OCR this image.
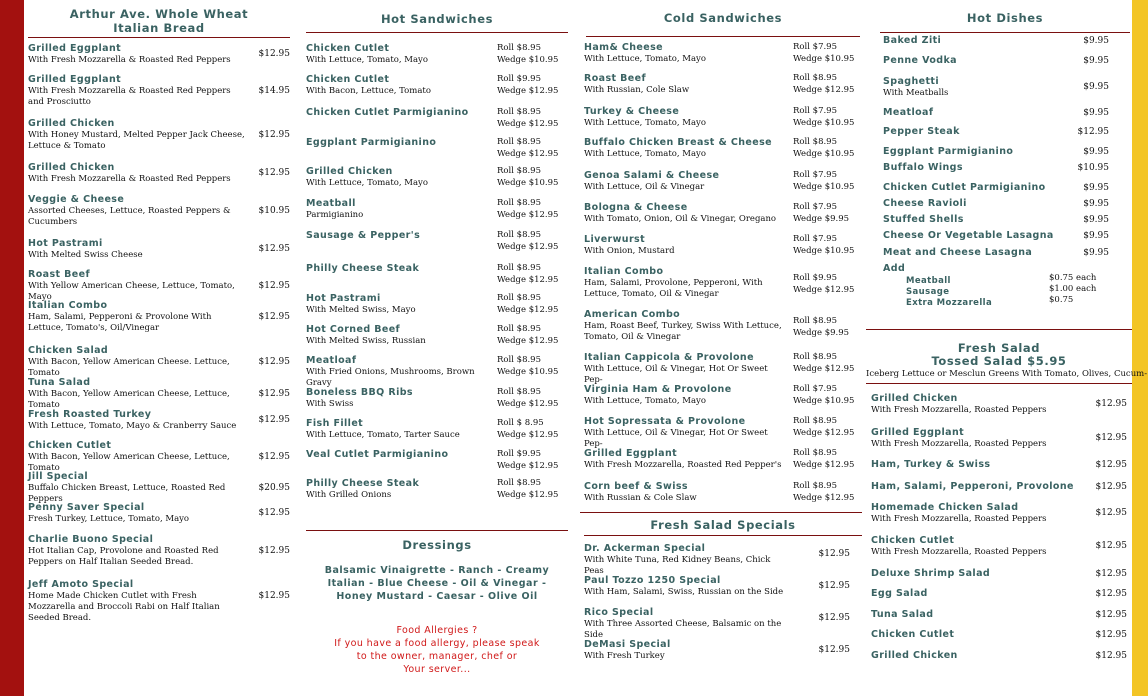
Arthur Ave. Whole Wheat
Italian Bread
Grilled Eggplant
With Fresh Mozzarella & Roasted Red Peppers
$12.95
Grilled Eggplant
With Fresh Mozzarella & Roasted Red Peppers and Prosciutto
$14.95
Grilled Chicken
With Honey Mustard, Melted Pepper Jack Cheese, Lettuce & Tomato
$12.95
Grilled Chicken
With Fresh Mozzarella & Roasted Red Peppers
$12.95
Veggie & Cheese
Assorted Cheeses, Lettuce, Roasted Peppers & Cucumbers
$10.95
Hot Pastrami
With Melted Swiss Cheese
$12.95
Roast Beef
With Yellow American Cheese, Lettuce, Tomato, Mayo
$12.95
Italian Combo
Ham, Salami, Pepperoni & Provolone With Lettuce, Tomato's, Oil/Vinegar
$12.95
Chicken Salad
With Bacon, Yellow American Cheese. Lettuce, Tomato
$12.95
Tuna Salad
With Bacon, Yellow American Cheese, Lettuce, Tomato
$12.95
Fresh Roasted Turkey
With Lettuce, Tomato, Mayo & Cranberry Sauce
$12.95
Chicken Cutlet
With Bacon, Yellow American Cheese, Lettuce, Tomato
$12.95
Jill Special
Buffalo Chicken Breast, Lettuce, Roasted Red Peppers
$20.95
Penny Saver Special
Fresh Turkey, Lettuce, Tomato, Mayo
$12.95
Charlie Buono Special
Hot Italian Cap, Provolone and Roasted Red Peppers on Half Italian Seeded Bread.
$12.95
Jeff Amoto Special
Home Made Chicken Cutlet with Fresh Mozzarella and Broccoli Rabi on Half Italian Seeded Bread.
$12.95
Hot Sandwiches
Chicken Cutlet
With Lettuce, Tomato, Mayo
Roll $8.95
Wedge $10.95
Chicken Cutlet
With Bacon, Lettuce, Tomato
Roll $9.95
Wedge $12.95
Chicken Cutlet Parmigianino	Roll $8.95
Wedge $12.95
Eggplant Parmigianino	Roll $8.95
Wedge $12.95
Grilled Chicken
With Lettuce, Tomato, Mayo
Roll $8.95
Wedge $10.95
Meatball
Parmigianino
Roll $8.95
Wedge $12.95
Sausage & Pepper's	Roll $8.95
Wedge $12.95
Philly Cheese Steak	Roll $8.95
Wedge $12.95
Hot Pastrami
With Melted Swiss, Mayo
Roll $8.95
Wedge $12.95
Hot Corned Beef
With Melted Swiss, Russian
Roll $8.95
Wedge $12.95
Meatloaf
With Fried Onions, Mushrooms, Brown Gravy
Roll $8.95
Wedge $10.95
Boneless BBQ Ribs
With Swiss
Roll $8.95
Wedge $12.95
Fish Fillet
With Lettuce, Tomato, Tarter Sauce
Roll $ 8.95
Wedge $12.95
Veal Cutlet Parmigianino	Roll $9.95
Wedge $12.95
Philly Cheese Steak
With Grilled Onions
Roll $8.95
Wedge $12.95
Dressings
Balsamic Vinaigrette - Ranch - Creamy
Italian - Blue Cheese - Oil & Vinegar -
Honey Mustard - Caesar - Olive Oil
Food Allergies ?
If you have a food allergy, please speak
to the owner, manager, chef or
Your server...
Cold Sandwiches
Ham& Cheese
With Lettuce, Tomato, Mayo
Roll $7.95
Wedge $10.95
Roast Beef
With Russian, Cole Slaw
Roll $8.95
Wedge $12.95
Turkey & Cheese
With Lettuce, Tomato, Mayo
Roll $7.95
Wedge $10.95
Buffalo Chicken Breast & Cheese
With Lettuce, Tomato, Mayo
Roll $8.95
Wedge $10.95
Genoa Salami & Cheese
With Lettuce, Oil & Vinegar
Roll $7.95
Wedge $10.95
Bologna & Cheese
With Tomato, Onion, Oil & Vinegar, Oregano
Roll $7.95
Wedge $9.95
Liverwurst
With Onion, Mustard
Roll $7.95
Wedge $10.95
Italian Combo
Ham, Salami, Provolone, Pepperoni, With Lettuce, Tomato, Oil & Vinegar
Roll $9.95
Wedge $12.95
American Combo
Ham, Roast Beef, Turkey, Swiss With Lettuce, Tomato, Oil & Vinegar
Roll $8.95
Wedge $9.95
Italian Cappicola & Provolone
With Lettuce, Oil & Vinegar, Hot Or Sweet Pep-
Roll $8.95
Wedge $12.95
Virginia Ham & Provolone
With Lettuce, Tomato, Mayo
Roll $7.95
Wedge $10.95
Hot Sopressata & Provolone
With Lettuce, Oil & Vinegar, Hot Or Sweet Pep-
Roll $8.95
Wedge $12.95
Grilled Eggplant
With Fresh Mozzarella, Roasted Red Pepper's
Roll $8.95
Wedge $12.95
Corn beef & Swiss
With Russian & Cole Slaw
Roll $8.95
Wedge $12.95
Fresh Salad Specials
Dr. Ackerman Special
With White Tuna, Red Kidney Beans, Chick Peas
$12.95
Paul Tozzo 1250 Special
With Ham, Salami, Swiss, Russian on the Side
$12.95
Rico Special
With Three Assorted Cheese, Balsamic on the Side
$12.95
DeMasi Special
With Fresh Turkey
$12.95
Hot Dishes
Baked Ziti	$9.95
Penne Vodka	$9.95
Spaghetti
With Meatballs
$9.95
Meatloaf	$9.95
Pepper Steak	$12.95
Eggplant Parmigianino	$9.95
Buffalo Wings	$10.95
Chicken Cutlet Parmigianino	$9.95
Cheese Ravioli	$9.95
Stuffed Shells	$9.95
Cheese Or Vegetable Lasagna	$9.95
Meat and Cheese Lasagna	$9.95
Add
Meatball	$0.75 each
Sausage	$1.00 each
Extra Mozzarella	$0.75
Fresh Salad
Tossed Salad $5.95
Iceberg Lettuce or Mesclun Greens With Tomato, Olives, Cucum-
Grilled Chicken
With Fresh Mozzarella, Roasted Peppers
$12.95
Grilled Eggplant
With Fresh Mozzarella, Roasted Peppers
$12.95
Ham, Turkey & Swiss	$12.95
Ham, Salami, Pepperoni, Provolone	$12.95
Homemade Chicken Salad
With Fresh Mozzarella, Roasted Peppers
$12.95
Chicken Cutlet
With Fresh Mozzarella, Roasted Peppers
$12.95
Deluxe Shrimp Salad	$12.95
Egg Salad	$12.95
Tuna Salad	$12.95
Chicken Cutlet	$12.95
Grilled Chicken	$12.95
